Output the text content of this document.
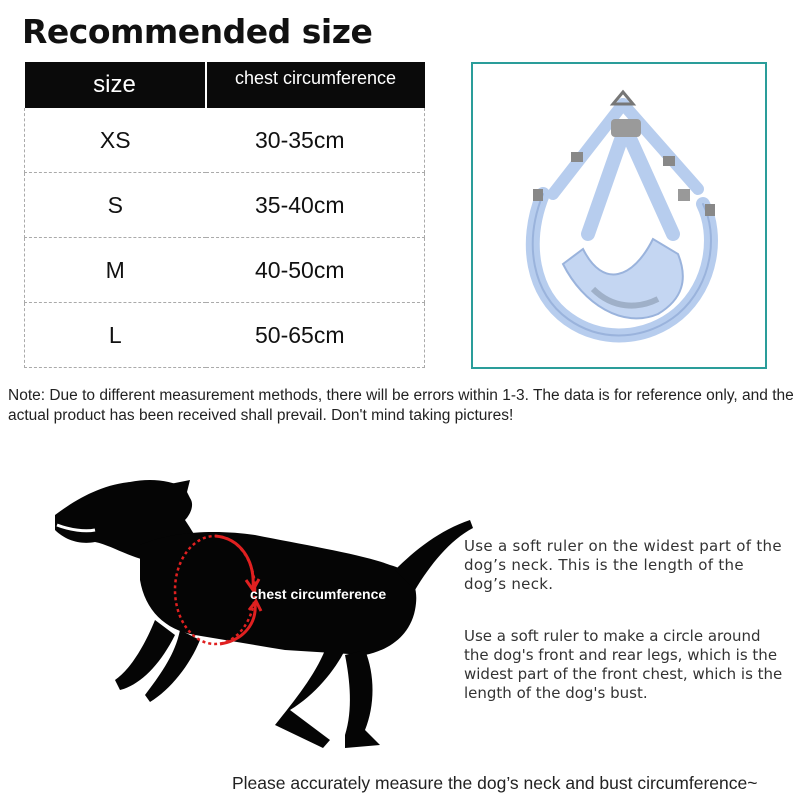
Recommended size
size	chest circumference
XS	30-35cm
S	35-40cm
M	40-50cm
L	50-65cm
Note: Due to different measurement methods, there will be errors within 1-3. The data is for reference only, and the actual product has been received shall prevail. Don't mind taking pictures!
chest circumference
Use a soft ruler on the widest part of the dog’s neck. This is the length of the dog’s neck.
Use a soft ruler to make a circle around the dog's front and rear legs, which is the widest part of the front chest, which is the length of the dog's bust.
Please accurately measure the dog’s neck and bust circumference~
